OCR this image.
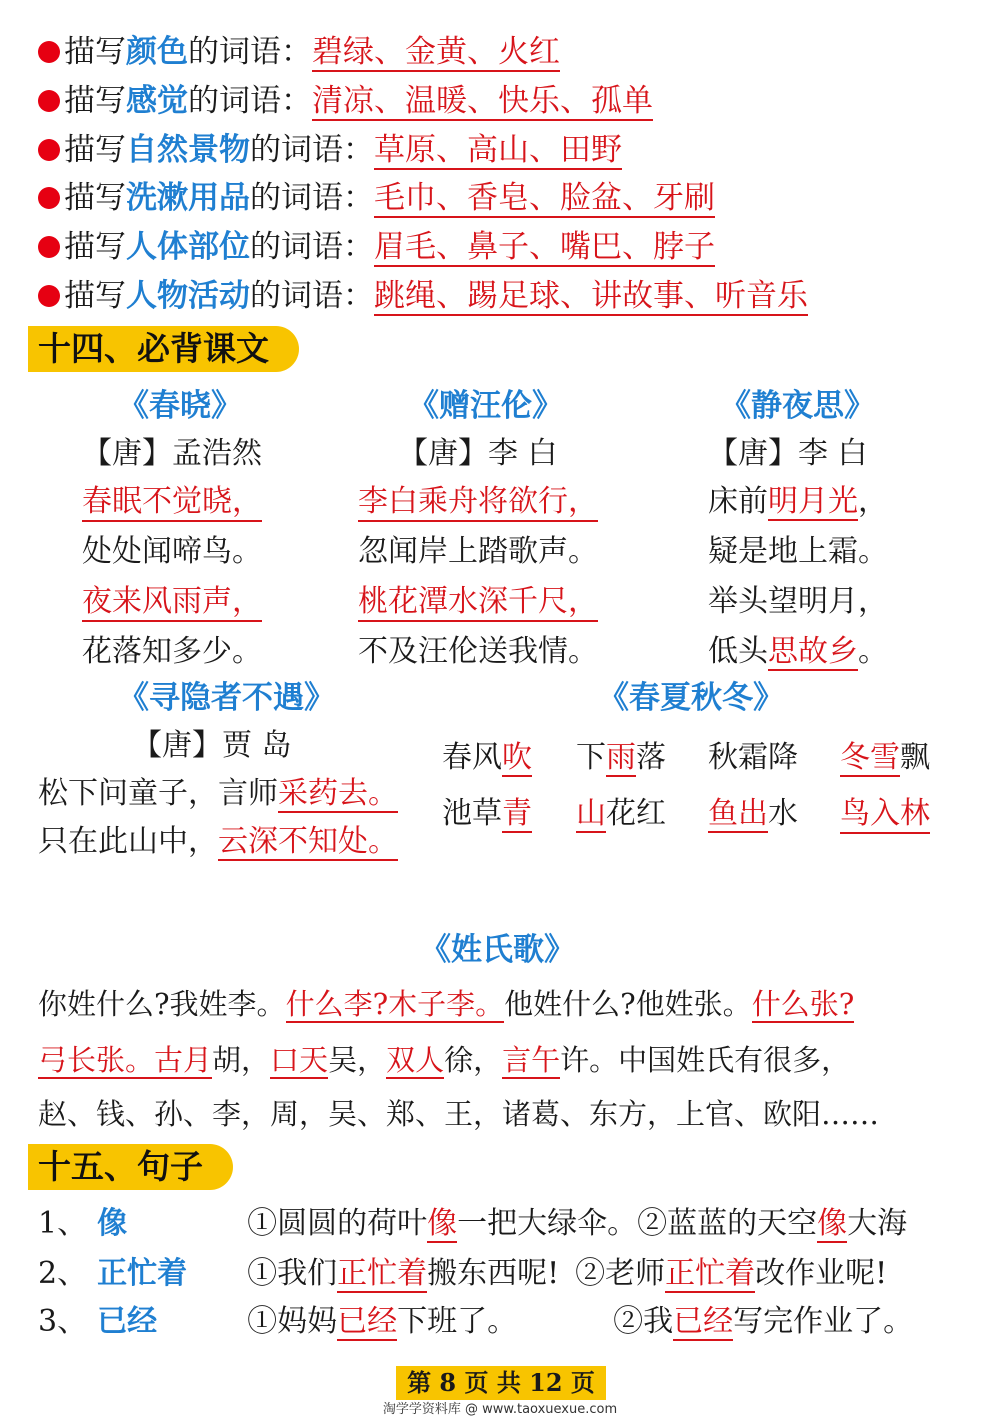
描写颜色的词语：碧绿、金黄、火红
描写感觉的词语：清凉、温暖、快乐、孤单
描写自然景物的词语：草原、高山、田野
描写洗漱用品的词语：毛巾、香皂、脸盆、牙刷
描写人体部位的词语：眉毛、鼻子、嘴巴、脖子
描写人物活动的词语：跳绳、踢足球、讲故事、听音乐
十四、必背课文
《春晓》
【唐】孟浩然
春眠不觉晓，
处处闻啼鸟。
夜来风雨声，
花落知多少。
《赠汪伦》
【唐】李 白
李白乘舟将欲行，
忽闻岸上踏歌声。
桃花潭水深千尺，
不及汪伦送我情。
《静夜思》
【唐】李 白
床前明月光，
疑是地上霜。
举头望明月，
低头思故乡。
《寻隐者不遇》
【唐】贾 岛
松下问童子，言师采药去。
只在此山中，云深不知处。
《春夏秋冬》
春风吹 下雨落 秋霜降 冬雪飘
池草青 山花红 鱼出水 鸟入林
《姓氏歌》
你姓什么?我姓李。什么李?木子李。他姓什么?他姓张。什么张?
弓长张。古月胡，口天吴，双人徐，言午许。中国姓氏有很多，
赵、钱、孙、李，周，吴、郑、王，诸葛、东方，上官、欧阳……
十五、句子
1、 像	①圆圆的荷叶像一把大绿伞。②蓝蓝的天空像大海
2、 正忙着 ①我们正忙着搬东西呢! ②老师正忙着改作业呢!
3、 已经	①妈妈已经下班了。	②我已经写完作业了。
第 8 页 共 12 页
淘学学资料库 @ www.taoxuexue.com
